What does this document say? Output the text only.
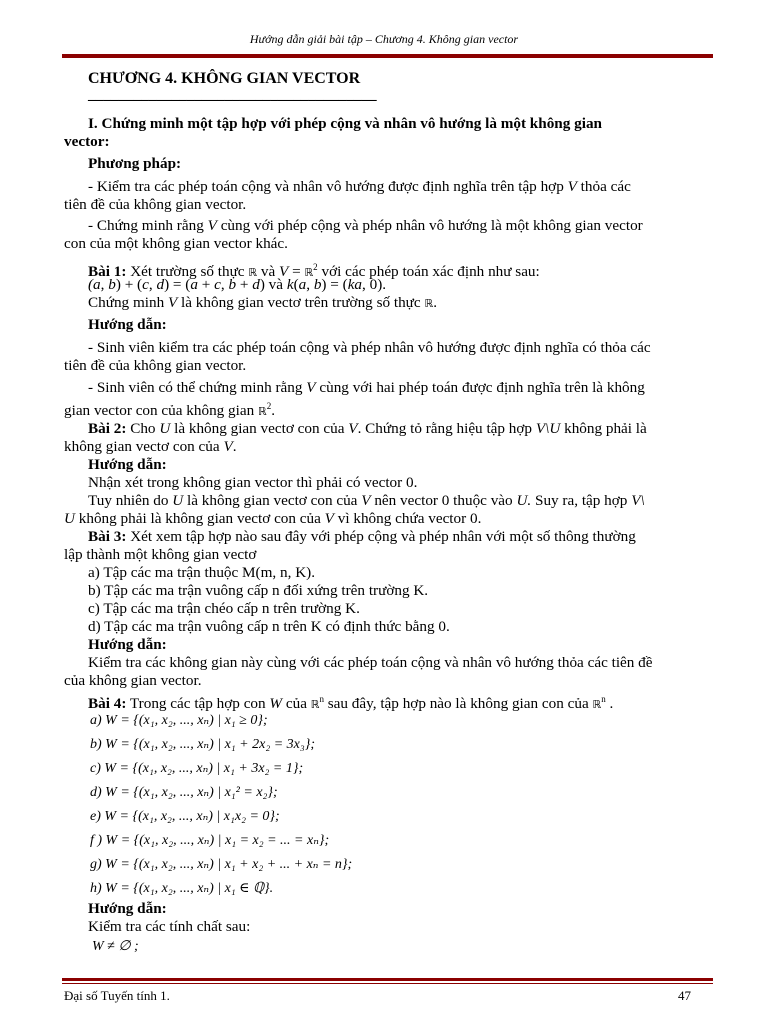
Hướng dẫn giải bài tập – Chương 4. Không gian vector
CHƯƠNG 4. KHÔNG GIAN VECTOR
______________________________________
I. Chứng minh một tập hợp với phép cộng và nhân vô hướng là một không gian
vector:
Phương pháp:
- Kiểm tra các phép toán cộng và nhân vô hướng được định nghĩa trên tập hợp V thỏa các
tiên đề của không gian vector.
- Chứng minh rằng V cùng với phép cộng và phép nhân vô hướng là một không gian vector
con của một không gian vector khác.
Bài 1: Xét trường số thực ℝ và V = ℝ$^2$ với các phép toán xác định như sau:
(a, b) + (c, d) = (a + c, b + d) và k(a, b) = (ka, 0).
Chứng minh V là không gian vectơ trên trường số thực ℝ.
Hướng dẫn:
- Sinh viên kiểm tra các phép toán cộng và phép nhân vô hướng được định nghĩa có thỏa các
tiên đề của không gian vector.
- Sinh viên có thể chứng minh rằng V cùng với hai phép toán được định nghĩa trên là không
gian vector con của không gian ℝ$^2$.
Bài 2: Cho U là không gian vectơ con của V. Chứng tỏ rằng hiệu tập hợp V\U không phải là
không gian vectơ con của V.
Hướng dẫn:
Nhận xét trong không gian vector thì phải có vector 0.
Tuy nhiên do U là không gian vectơ con của V nên vector 0 thuộc vào U. Suy ra, tập hợp V\
U không phải là không gian vectơ con của V vì không chứa vector 0.
Bài 3: Xét xem tập hợp nào sau đây với phép cộng và phép nhân với một số thông thường
lập thành một không gian vectơ
a) Tập các ma trận thuộc M(m, n, K).
b) Tập các ma trận vuông cấp n đối xứng trên trường K.
c) Tập các ma trận chéo cấp n trên trường K.
d) Tập các ma trận vuông cấp n trên K có định thức bằng 0.
Hướng dẫn:
Kiểm tra các không gian này cùng với các phép toán cộng và nhân vô hướng thỏa các tiên đề
của không gian vector.
Bài 4: Trong các tập hợp con W của ℝ$^n$ sau đây, tập hợp nào là không gian con của ℝ$^n$ .
a) W = {(x₁, x₂, ..., xₙ) | x₁ ≥ 0};
b) W = {(x₁, x₂, ..., xₙ) | x₁ + 2x₂ = 3x₃};
c) W = {(x₁, x₂, ..., xₙ) | x₁ + 3x₂ = 1};
d) W = {(x₁, x₂, ..., xₙ) | x₁² = x₂};
e) W = {(x₁, x₂, ..., xₙ) | x₁x₂ = 0};
f ) W = {(x₁, x₂, ..., xₙ) | x₁ = x₂ = ... = xₙ};
g) W = {(x₁, x₂, ..., xₙ) | x₁ + x₂ + ... + xₙ = n};
h) W = {(x₁, x₂, ..., xₙ) | x₁ ∈ ℚ}.
Hướng dẫn:
Kiểm tra các tính chất sau:
W ≠ ∅ ;
Đại số Tuyến tính 1.	47
